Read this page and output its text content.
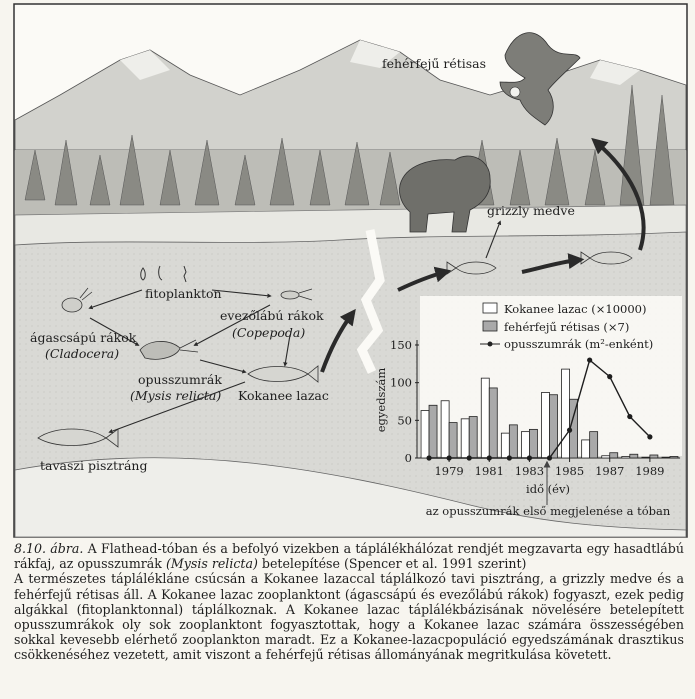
fehérfejű rétisas
grizzly medve
fitoplankton
ágascsápú rákok
(Cladocera)
evezőlábú rákok
(Copepoda)
opusszumrák
(Mysis relicta) Kokanee lazac
tavaszi pisztráng	0
50
100
150
1979 1981 1983 1985 1987 1989
egyedszám
idő (év)
Kokanee lazac (×10000)
fehérfejű rétisas (×7)
opusszumrák (m²-enként)
az opusszumrák első megjelenése a tóban

8.10. ábra. A Flathead-tóban és a befolyó vizekben a táplálékhálózat rendjét megzavarta egy hasadtlábú rákfaj, az opusszumrák (Mysis relicta) betelepítése (Spencer et al. 1991 szerint)

A természetes táplálékláne csúcsán a Kokanee lazaccal táplálkozó tavi pisztráng, a grizzly medve és a fehérfejű rétisas áll. A Kokanee lazac zooplanktont (ágascsápú és evezőlábú rákok) fogyaszt, ezek pedig algákkal (fitoplanktonnal) táplálkoznak. A Kokanee lazac táplálékbázisának növelésére betelepített opusszumrákok oly sok zooplanktont fogyasztottak, hogy a Kokanee lazac számára összességében sokkal kevesebb elérhető zooplankton maradt. Ez a Kokanee-lazacpopuláció egyedszámának drasztikus csökkenéséhez vezetett, amit viszont a fehérfejű rétisas állományának megritkulása követett.
